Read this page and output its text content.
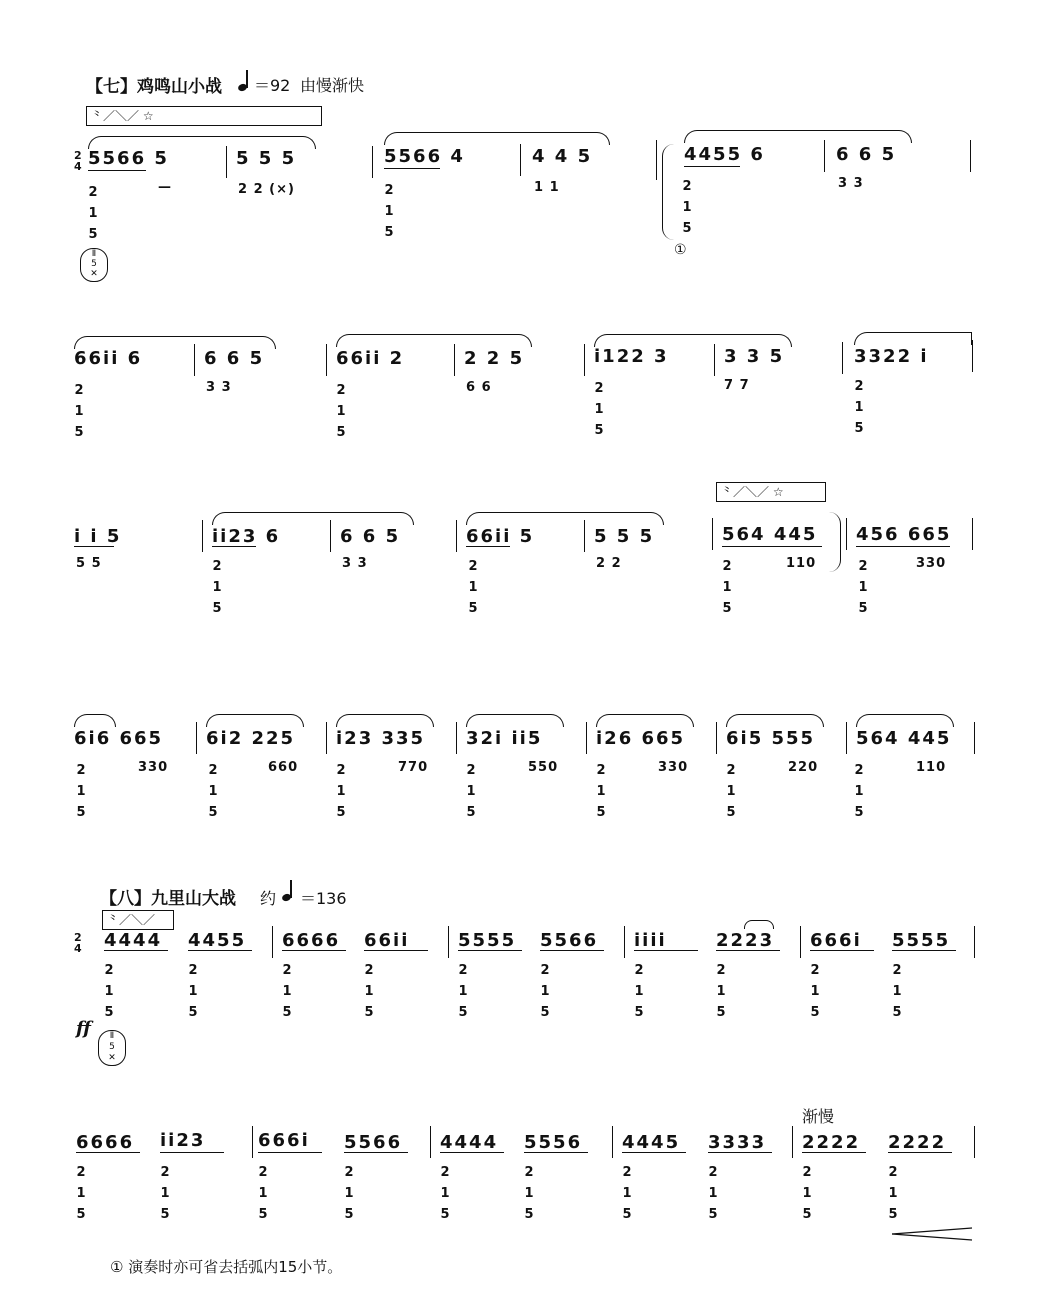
【七】鸡鸣山小战 ＝92 由慢渐快
⺀／＼／ ☆
2
4 5566 5	5 5 5	5566 4	4 4 5	4455 6	6 6 5
—	2 2 (×)	1 1	3 3
2
1
5
2
1
5
2
1
5
①
Ⅱ
5
✕
66ii 6	6 6 5	66ii 2	2 2 5	i122 3	3 3 5	3322 i
3 3	6 6	7 7
2
1
5
2
1
5
2
1
5
2
1
5
⺀／＼／ ☆
i i 5	ii23 6	6 6 5	66ii 5	5 5 5	564 445 456 665
5 5	3 3	2 2	110	330
2
1
5
2
1
5
2
1
5
2
1
5
6i6 665 6i2 225 i23 335 32i ii5	i26 665 6i5 555 564 445
330	660	770	550	330	220	110
2
1
5
2
1
5
2
1
5
2
1
5
2
1
5
2
1
5
2
1
5
【八】九里山大战 约 ＝136
⺀／＼／
2
4 4444 4455 6666 66ii	5555 5566 iiii	2223 666i 5555
2
1
5
2
1
5
2
1
5
2
1
5
2
1
5
2
1
5
2
1
5
2
1
5
2
1
5
2
1
5
ff	Ⅱ
5
✕
渐慢
6666 ii23	666i 5566 4444 5556 4445 3333 2222 2222
2
1
5
2
1
5
2
1
5
2
1
5
2
1
5
2
1
5
2
1
5
2
1
5
2
1
5
2
1
5
① 演奏时亦可省去括弧内15小节。
